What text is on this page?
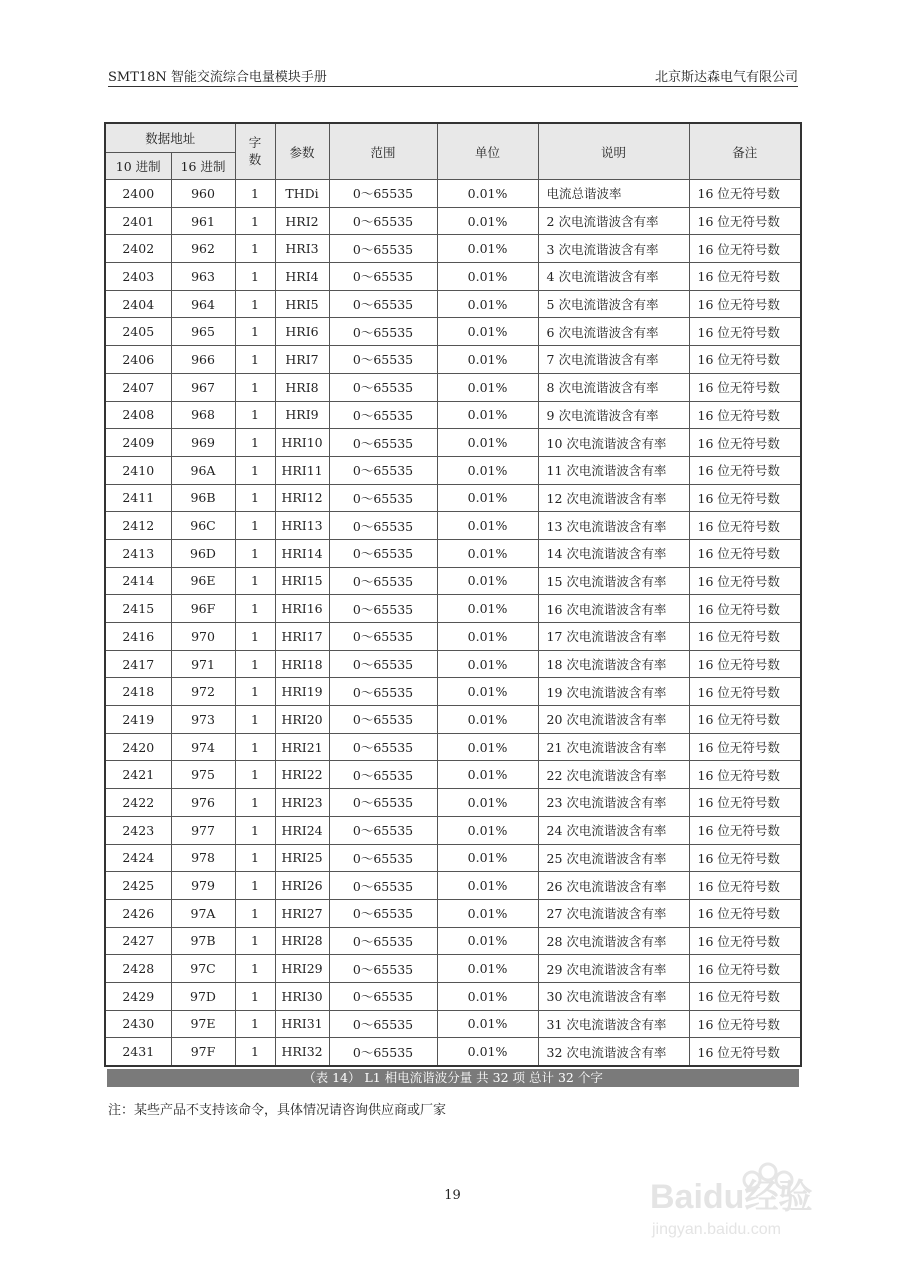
SMT18N 智能交流综合电量模块手册	北京斯达森电气有限公司
数据地址		字数	参数	范围	单位	说明	备注
10 进制	16 进制						
2400	960	1	THDi	0～65535	0.01%	电流总谐波率	16 位无符号数
2401	961	1	HRI2	0～65535	0.01%	2 次电流谐波含有率	16 位无符号数
2402	962	1	HRI3	0～65535	0.01%	3 次电流谐波含有率	16 位无符号数
2403	963	1	HRI4	0～65535	0.01%	4 次电流谐波含有率	16 位无符号数
2404	964	1	HRI5	0～65535	0.01%	5 次电流谐波含有率	16 位无符号数
2405	965	1	HRI6	0～65535	0.01%	6 次电流谐波含有率	16 位无符号数
2406	966	1	HRI7	0～65535	0.01%	7 次电流谐波含有率	16 位无符号数
2407	967	1	HRI8	0～65535	0.01%	8 次电流谐波含有率	16 位无符号数
2408	968	1	HRI9	0～65535	0.01%	9 次电流谐波含有率	16 位无符号数
2409	969	1	HRI10	0～65535	0.01%	10 次电流谐波含有率	16 位无符号数
2410	96A	1	HRI11	0～65535	0.01%	11 次电流谐波含有率	16 位无符号数
2411	96B	1	HRI12	0～65535	0.01%	12 次电流谐波含有率	16 位无符号数
2412	96C	1	HRI13	0～65535	0.01%	13 次电流谐波含有率	16 位无符号数
2413	96D	1	HRI14	0～65535	0.01%	14 次电流谐波含有率	16 位无符号数
2414	96E	1	HRI15	0～65535	0.01%	15 次电流谐波含有率	16 位无符号数
2415	96F	1	HRI16	0～65535	0.01%	16 次电流谐波含有率	16 位无符号数
2416	970	1	HRI17	0～65535	0.01%	17 次电流谐波含有率	16 位无符号数
2417	971	1	HRI18	0～65535	0.01%	18 次电流谐波含有率	16 位无符号数
2418	972	1	HRI19	0～65535	0.01%	19 次电流谐波含有率	16 位无符号数
2419	973	1	HRI20	0～65535	0.01%	20 次电流谐波含有率	16 位无符号数
2420	974	1	HRI21	0～65535	0.01%	21 次电流谐波含有率	16 位无符号数
2421	975	1	HRI22	0～65535	0.01%	22 次电流谐波含有率	16 位无符号数
2422	976	1	HRI23	0～65535	0.01%	23 次电流谐波含有率	16 位无符号数
2423	977	1	HRI24	0～65535	0.01%	24 次电流谐波含有率	16 位无符号数
2424	978	1	HRI25	0～65535	0.01%	25 次电流谐波含有率	16 位无符号数
2425	979	1	HRI26	0～65535	0.01%	26 次电流谐波含有率	16 位无符号数
2426	97A	1	HRI27	0～65535	0.01%	27 次电流谐波含有率	16 位无符号数
2427	97B	1	HRI28	0～65535	0.01%	28 次电流谐波含有率	16 位无符号数
2428	97C	1	HRI29	0～65535	0.01%	29 次电流谐波含有率	16 位无符号数
2429	97D	1	HRI30	0～65535	0.01%	30 次电流谐波含有率	16 位无符号数
2430	97E	1	HRI31	0～65535	0.01%	31 次电流谐波含有率	16 位无符号数
2431	97F	1	HRI32	0～65535	0.01%	32 次电流谐波含有率	16 位无符号数
（表 14） L1 相电流谐波分量 共 32 项 总计 32 个字
注：某些产品不支持该命令，具体情况请咨询供应商或厂家
19	Baidu经验
jingyan.baidu.com
